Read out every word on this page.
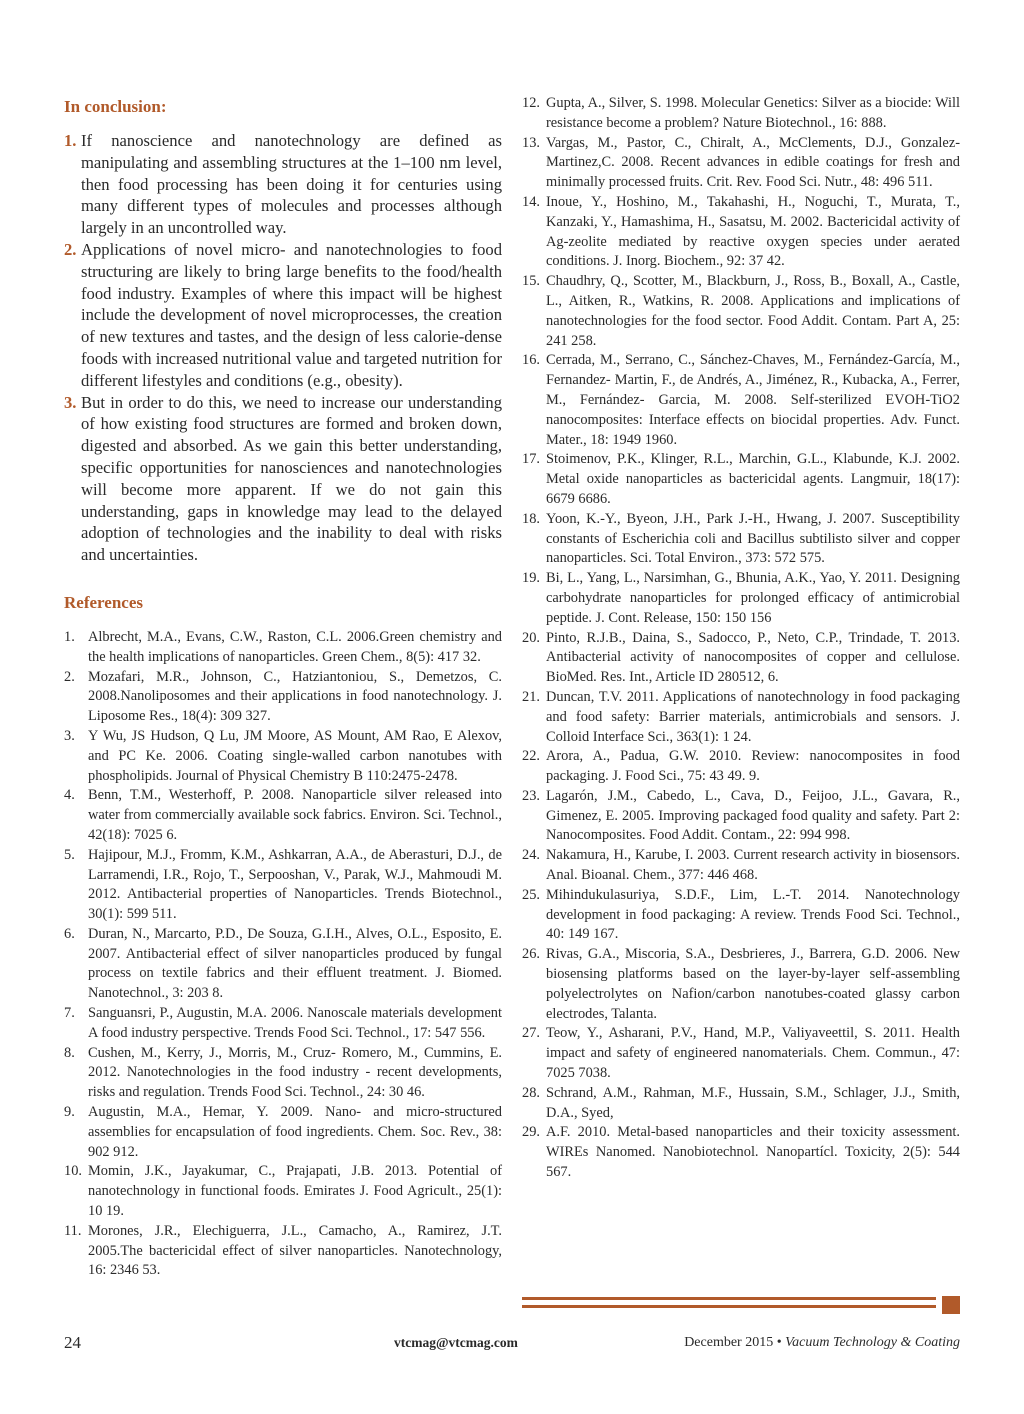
In conclusion:
1. If nanoscience and nanotechnology are defined as manipulating and assembling structures at the 1–100 nm level, then food processing has been doing it for centuries using many different types of molecules and processes although largely in an uncontrolled way.
2. Applications of novel micro- and nanotechnologies to food structuring are likely to bring large benefits to the food/health food industry. Examples of where this impact will be highest include the development of novel microprocesses, the creation of new textures and tastes, and the design of less calorie-dense foods with increased nutritional value and targeted nutrition for different lifestyles and conditions (e.g., obesity).
3. But in order to do this, we need to increase our understanding of how existing food structures are formed and broken down, digested and absorbed. As we gain this better understanding, specific opportunities for nanosciences and nanotechnologies will become more apparent. If we do not gain this understanding, gaps in knowledge may lead to the delayed adoption of technologies and the inability to deal with risks and uncertainties.
References
1. Albrecht, M.A., Evans, C.W., Raston, C.L. 2006.Green chemistry and the health implications of nanoparticles. Green Chem., 8(5): 417 32.
2. Mozafari, M.R., Johnson, C., Hatziantoniou, S., Demetzos, C. 2008.Nanoliposomes and their applications in food nanotechnology. J. Liposome Res., 18(4): 309 327.
3. Y Wu, JS Hudson, Q Lu, JM Moore, AS Mount, AM Rao, E Alexov, and PC Ke. 2006. Coating single-walled carbon nanotubes with phospholipids. Journal of Physical Chemistry B 110:2475-2478.
4. Benn, T.M., Westerhoff, P. 2008. Nanoparticle silver released into water from commercially available sock fabrics. Environ. Sci. Technol., 42(18): 7025 6.
5. Hajipour, M.J., Fromm, K.M., Ashkarran, A.A., de Aberasturi, D.J., de Larramendi, I.R., Rojo, T., Serpooshan, V., Parak, W.J., Mahmoudi M. 2012. Antibacterial properties of Nanoparticles. Trends Biotechnol., 30(1): 599 511.
6. Duran, N., Marcarto, P.D., De Souza, G.I.H., Alves, O.L., Esposito, E. 2007. Antibacterial effect of silver nanoparticles produced by fungal process on textile fabrics and their effluent treatment. J. Biomed. Nanotechnol., 3: 203 8.
7. Sanguansri, P., Augustin, M.A. 2006. Nanoscale materials development A food industry perspective. Trends Food Sci. Technol., 17: 547 556.
8. Cushen, M., Kerry, J., Morris, M., Cruz- Romero, M., Cummins, E. 2012. Nanotechnologies in the food industry - recent developments, risks and regulation. Trends Food Sci. Technol., 24: 30 46.
9. Augustin, M.A., Hemar, Y. 2009. Nano- and micro-structured assemblies for encapsulation of food ingredients. Chem. Soc. Rev., 38: 902 912.
10. Momin, J.K., Jayakumar, C., Prajapati, J.B. 2013. Potential of nanotechnology in functional foods. Emirates J. Food Agricult., 25(1): 10 19.
11. Morones, J.R., Elechiguerra, J.L., Camacho, A., Ramirez, J.T. 2005.The bactericidal effect of silver nanoparticles. Nanotechnology, 16: 2346 53.
12. Gupta, A., Silver, S. 1998. Molecular Genetics: Silver as a biocide: Will resistance become a problem? Nature Biotechnol., 16: 888.
13. Vargas, M., Pastor, C., Chiralt, A., McClements, D.J., Gonzalez-Martinez,C. 2008. Recent advances in edible coatings for fresh and minimally processed fruits. Crit. Rev. Food Sci. Nutr., 48: 496 511.
14. Inoue, Y., Hoshino, M., Takahashi, H., Noguchi, T., Murata, T., Kanzaki, Y., Hamashima, H., Sasatsu, M. 2002. Bactericidal activity of Ag-zeolite mediated by reactive oxygen species under aerated conditions. J. Inorg. Biochem., 92: 37 42.
15. Chaudhry, Q., Scotter, M., Blackburn, J., Ross, B., Boxall, A., Castle, L., Aitken, R., Watkins, R. 2008. Applications and implications of nanotechnologies for the food sector. Food Addit. Contam. Part A, 25: 241 258.
16. Cerrada, M., Serrano, C., Sánchez-Chaves, M., Fernández-García, M., Fernandez- Martin, F., de Andrés, A., Jiménez, R., Kubacka, A., Ferrer, M., Fernández- Garcia, M. 2008. Self-sterilized EVOH-TiO2 nanocomposites: Interface effects on biocidal properties. Adv. Funct. Mater., 18: 1949 1960.
17. Stoimenov, P.K., Klinger, R.L., Marchin, G.L., Klabunde, K.J. 2002. Metal oxide nanoparticles as bactericidal agents. Langmuir, 18(17): 6679 6686.
18. Yoon, K.-Y., Byeon, J.H., Park J.-H., Hwang, J. 2007. Susceptibility constants of Escherichia coli and Bacillus subtilisto silver and copper nanoparticles. Sci. Total Environ., 373: 572 575.
19. Bi, L., Yang, L., Narsimhan, G., Bhunia, A.K., Yao, Y. 2011. Designing carbohydrate nanoparticles for prolonged efficacy of antimicrobial peptide. J. Cont. Release, 150: 150 156
20. Pinto, R.J.B., Daina, S., Sadocco, P., Neto, C.P., Trindade, T. 2013. Antibacterial activity of nanocomposites of copper and cellulose. BioMed. Res. Int., Article ID 280512, 6.
21. Duncan, T.V. 2011. Applications of nanotechnology in food packaging and food safety: Barrier materials, antimicrobials and sensors. J. Colloid Interface Sci., 363(1): 1 24.
22. Arora, A., Padua, G.W. 2010. Review: nanocomposites in food packaging. J. Food Sci., 75: 43 49. 9.
23. Lagarón, J.M., Cabedo, L., Cava, D., Feijoo, J.L., Gavara, R., Gimenez, E. 2005. Improving packaged food quality and safety. Part 2: Nanocomposites. Food Addit. Contam., 22: 994 998.
24. Nakamura, H., Karube, I. 2003. Current research activity in biosensors. Anal. Bioanal. Chem., 377: 446 468.
25. Mihindukulasuriya, S.D.F., Lim, L.-T. 2014. Nanotechnology development in food packaging: A review. Trends Food Sci. Technol., 40: 149 167.
26. Rivas, G.A., Miscoria, S.A., Desbrieres, J., Barrera, G.D. 2006. New biosensing platforms based on the layer-by-layer self-assembling polyelectrolytes on Nafion/carbon nanotubes-coated glassy carbon electrodes, Talanta.
27. Teow, Y., Asharani, P.V., Hand, M.P., Valiyaveettil, S. 2011. Health impact and safety of engineered nanomaterials. Chem. Commun., 47: 7025 7038.
28. Schrand, A.M., Rahman, M.F., Hussain, S.M., Schlager, J.J., Smith, D.A., Syed,
29. A.F. 2010. Metal-based nanoparticles and their toxicity assessment. WIREs Nanomed. Nanobiotechnol. Nanopartícl. Toxicity, 2(5): 544 567.
24	vtcmag@vtcmag.com	December 2015 • Vacuum Technology & Coating
